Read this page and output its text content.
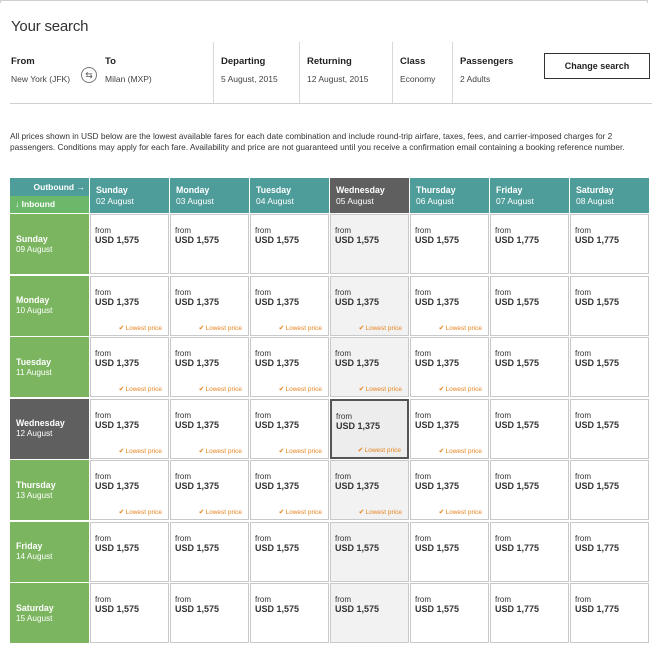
Your search
From
New York (JFK)	⇆
To
Milan (MXP)
Departing
5 August, 2015
Returning
12 August, 2015
Class
Economy
Passengers
2 Adults
Change search
All prices shown in USD below are the lowest available fares for each date combination and include round-trip airfare, taxes, fees, and carrier-imposed charges for 2 passengers. Conditions may apply for each fare. Availability and price are not guaranteed until you receive a confirmation email containing a booking reference number.
Outbound →
↓ Inbound
Sunday
02 August
Monday
03 August
Tuesday
04 August
Wednesday
05 August
Thursday
06 August
Friday
07 August
Saturday
08 August
Sunday
09 August
from
USD 1,575
from
USD 1,575
from
USD 1,575
from
USD 1,575
from
USD 1,575
from
USD 1,775
from
USD 1,775
Monday
10 August
from
USD 1,375
✔Lowest price
from
USD 1,375
✔Lowest price
from
USD 1,375
✔Lowest price
from
USD 1,375
✔Lowest price
from
USD 1,375
✔Lowest price
from
USD 1,575
from
USD 1,575
Tuesday
11 August
from
USD 1,375
✔Lowest price
from
USD 1,375
✔Lowest price
from
USD 1,375
✔Lowest price
from
USD 1,375
✔Lowest price
from
USD 1,375
✔Lowest price
from
USD 1,575
from
USD 1,575
Wednesday
12 August
from
USD 1,375
✔Lowest price
from
USD 1,375
✔Lowest price
from
USD 1,375
✔Lowest price
from
USD 1,375
✔Lowest price
from
USD 1,375
✔Lowest price
from
USD 1,575
from
USD 1,575
Thursday
13 August
from
USD 1,375
✔Lowest price
from
USD 1,375
✔Lowest price
from
USD 1,375
✔Lowest price
from
USD 1,375
✔Lowest price
from
USD 1,375
✔Lowest price
from
USD 1,575
from
USD 1,575
Friday
14 August
from
USD 1,575
from
USD 1,575
from
USD 1,575
from
USD 1,575
from
USD 1,575
from
USD 1,775
from
USD 1,775
Saturday
15 August
from
USD 1,575
from
USD 1,575
from
USD 1,575
from
USD 1,575
from
USD 1,575
from
USD 1,775
from
USD 1,775
